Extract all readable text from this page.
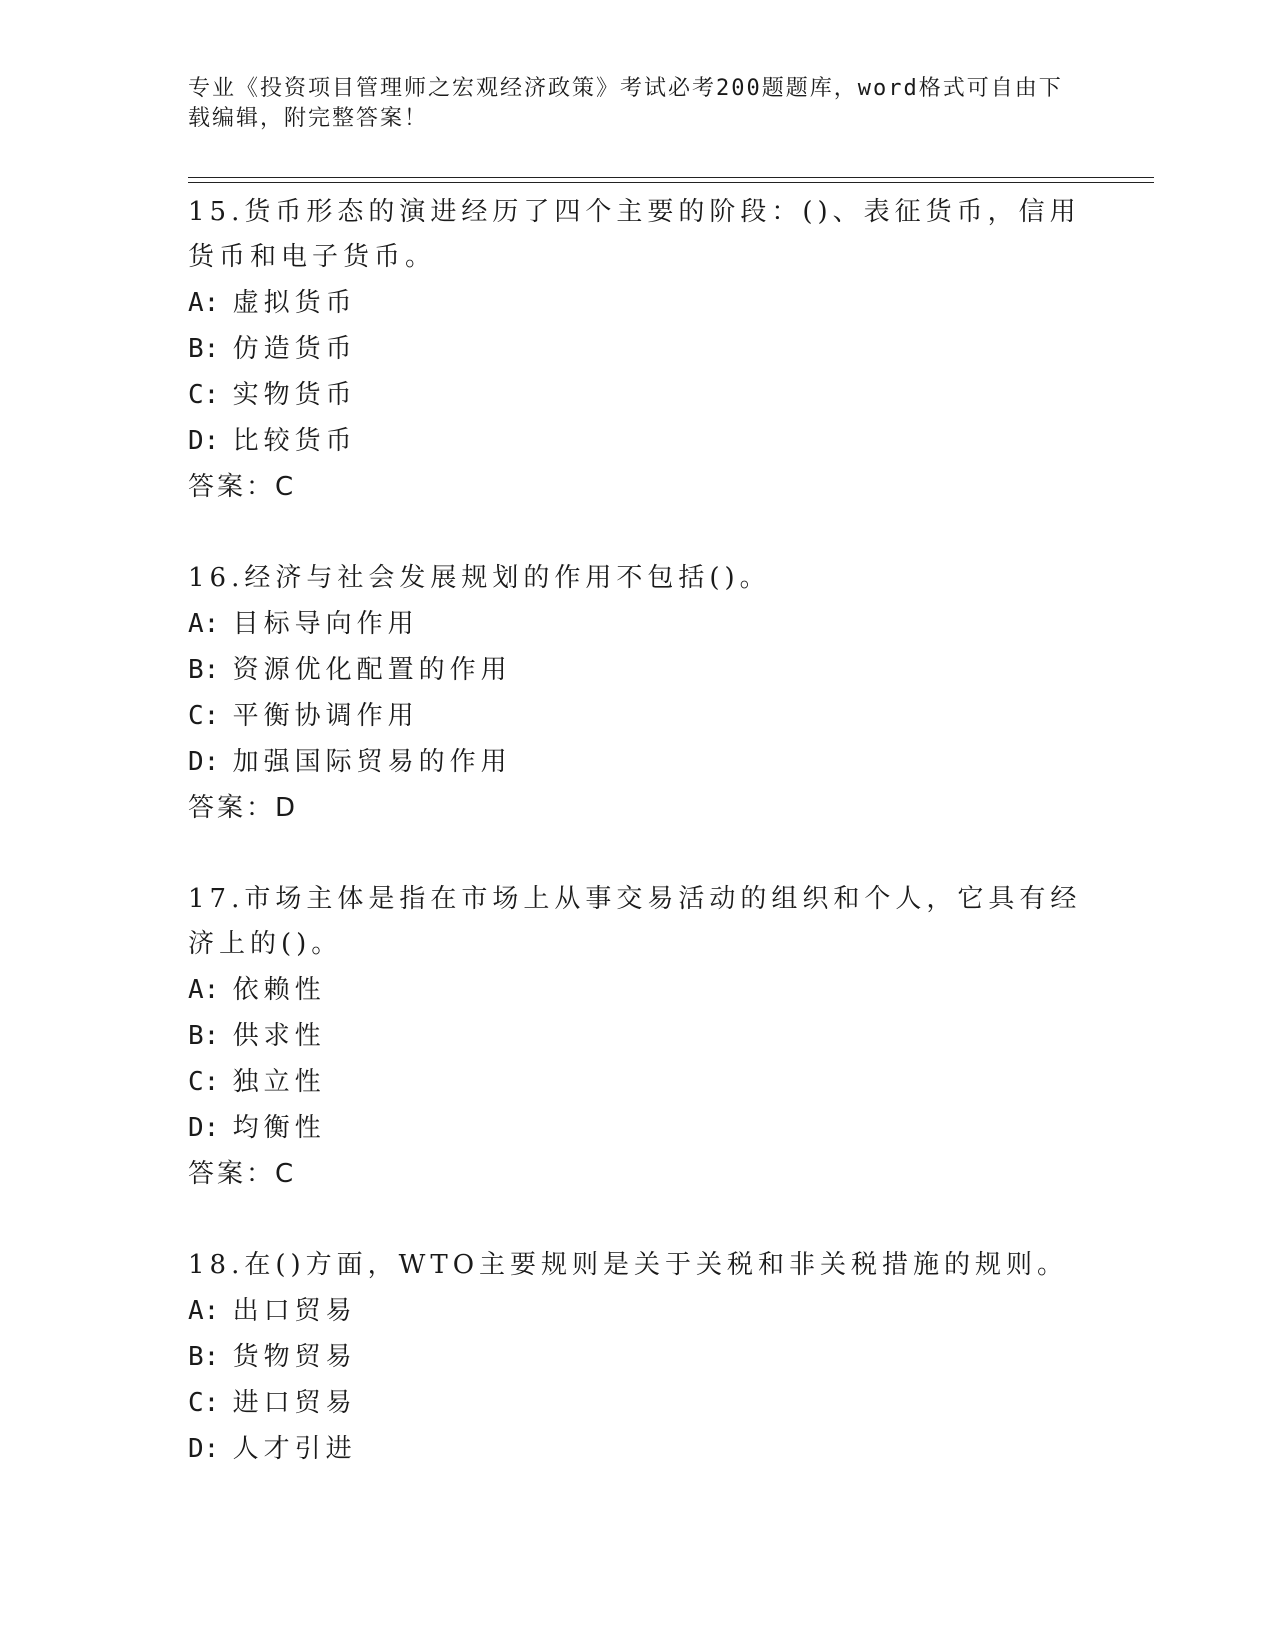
专业《投资项目管理师之宏观经济政策》考试必考200题题库，word格式可自由下载编辑，附完整答案！

15.货币形态的演进经历了四个主要的阶段：()、表征货币，信用货币和电子货币。

A: 虚拟货币

B: 仿造货币

C: 实物货币

D: 比较货币

答案：C

16.经济与社会发展规划的作用不包括()。

A: 目标导向作用

B: 资源优化配置的作用

C: 平衡协调作用

D: 加强国际贸易的作用

答案：D

17.市场主体是指在市场上从事交易活动的组织和个人，它具有经济上的()。

A: 依赖性

B: 供求性

C: 独立性

D: 均衡性

答案：C

18.在()方面，WTO主要规则是关于关税和非关税措施的规则。

A: 出口贸易

B: 货物贸易

C: 进口贸易

D: 人才引进
